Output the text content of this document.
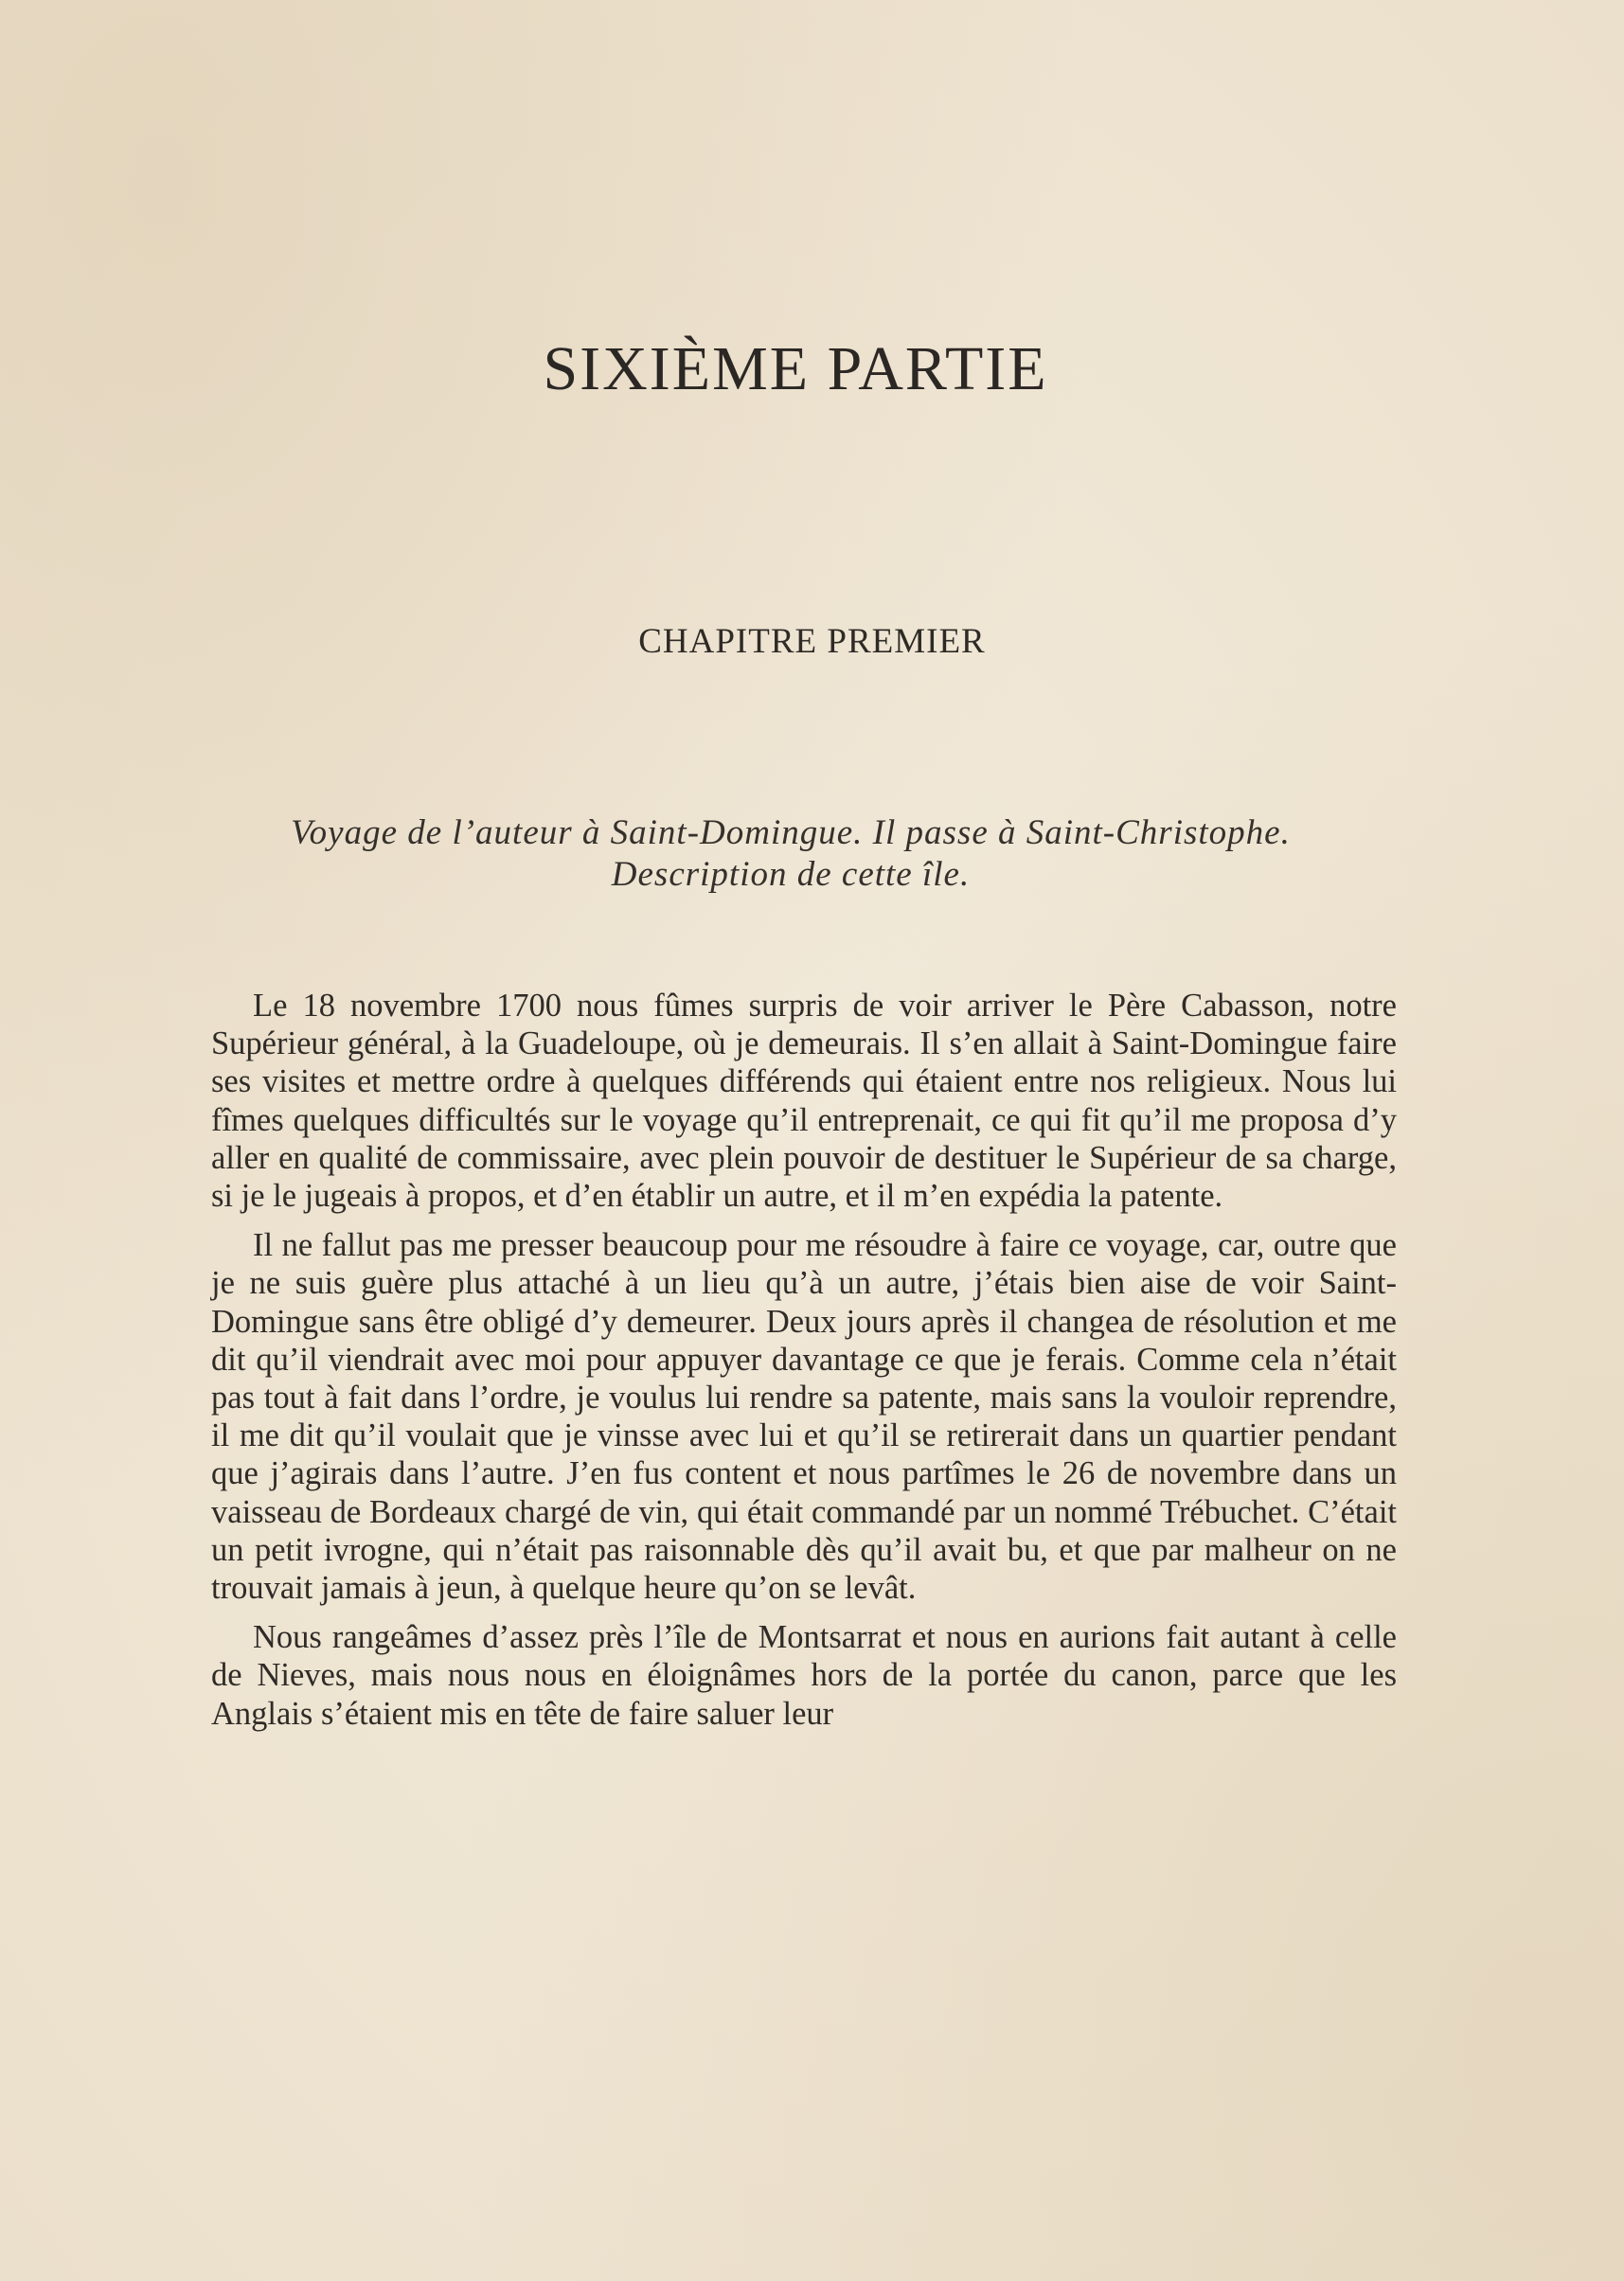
SIXIÈME PARTIE
CHAPITRE PREMIER
Voyage de l’auteur à Saint-Domingue. Il passe à Saint-Christophe.
Description de cette île.

Le 18 novembre 1700 nous fûmes surpris de voir arriver le Père Cabasson, notre Supérieur général, à la Guadeloupe, où je demeurais. Il s’en allait à Saint-Domingue faire ses visites et mettre ordre à quelques différends qui étaient entre nos religieux. Nous lui fîmes quelques difficultés sur le voyage qu’il entreprenait, ce qui fit qu’il me proposa d’y aller en qualité de commissaire, avec plein pouvoir de destituer le Supérieur de sa charge, si je le jugeais à propos, et d’en établir un autre, et il m’en expédia la patente.

Il ne fallut pas me presser beaucoup pour me résoudre à faire ce voyage, car, outre que je ne suis guère plus attaché à un lieu qu’à un autre, j’étais bien aise de voir Saint-Domingue sans être obligé d’y demeurer. Deux jours après il changea de résolution et me dit qu’il viendrait avec moi pour appuyer davantage ce que je ferais. Comme cela n’était pas tout à fait dans l’ordre, je voulus lui rendre sa patente, mais sans la vouloir reprendre, il me dit qu’il voulait que je vinsse avec lui et qu’il se retirerait dans un quartier pendant que j’agirais dans l’autre. J’en fus content et nous partîmes le 26 de novembre dans un vaisseau de Bordeaux chargé de vin, qui était commandé par un nommé Trébuchet. C’était un petit ivrogne, qui n’était pas raisonnable dès qu’il avait bu, et que par malheur on ne trouvait jamais à jeun, à quelque heure qu’on se levât.

Nous rangeâmes d’assez près l’île de Montsarrat et nous en aurions fait autant à celle de Nieves, mais nous nous en éloignâmes hors de la portée du canon, parce que les Anglais s’étaient mis en tête de faire saluer leur
